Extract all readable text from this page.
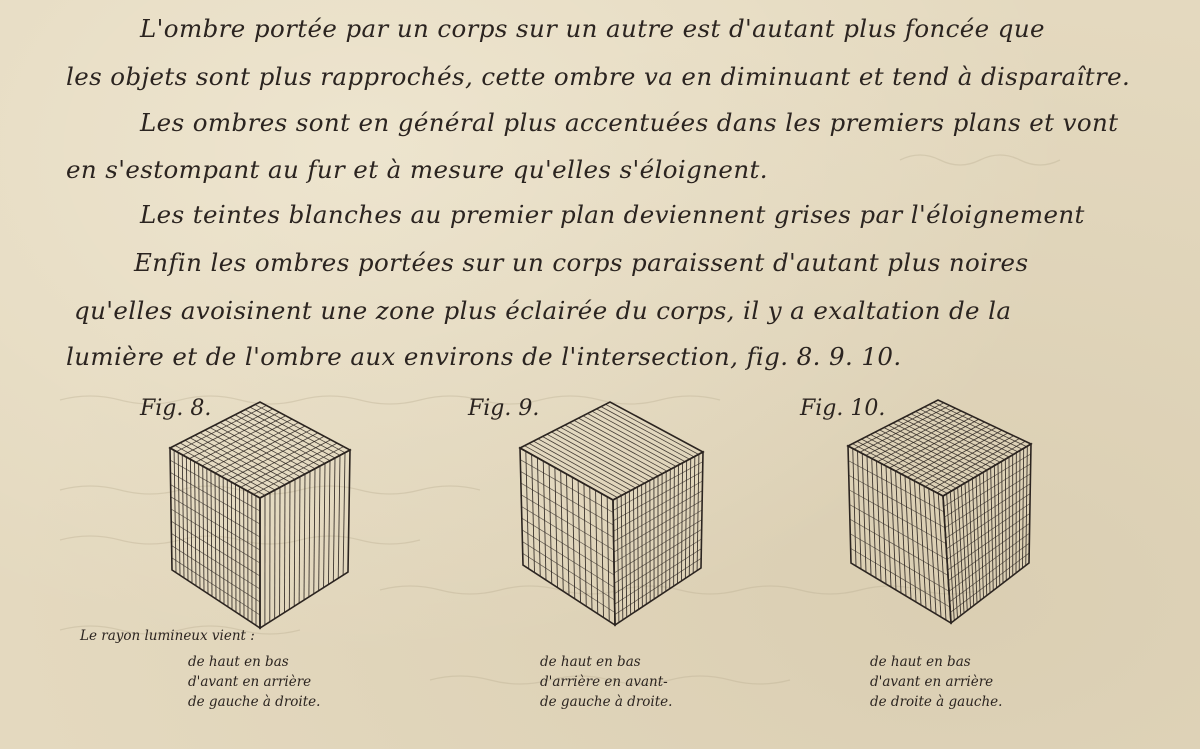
L'ombre portée par un corps sur un autre est d'autant plus foncée que
les objets sont plus rapprochés, cette ombre va en diminuant et tend à disparaître.
Les ombres sont en général plus accentuées dans les premiers plans et vont
en s'estompant au fur et à mesure qu'elles s'éloignent.
Les teintes blanches au premier plan deviennent grises par l'éloignement
Enfin les ombres portées sur un corps paraissent d'autant plus noires
qu'elles avoisinent une zone plus éclairée du corps, il y a exaltation de la
lumière et de l'ombre aux environs de l'intersection, fig. 8. 9. 10.
Fig. 8.
Le rayon lumineux vient :
de haut en bas
d'avant en arrière
de gauche à droite.
Fig. 9.
de haut en bas
d'arrière en avant-
de gauche à droite.
Fig. 10.
de haut en bas
d'avant en arrière
de droite à gauche.
